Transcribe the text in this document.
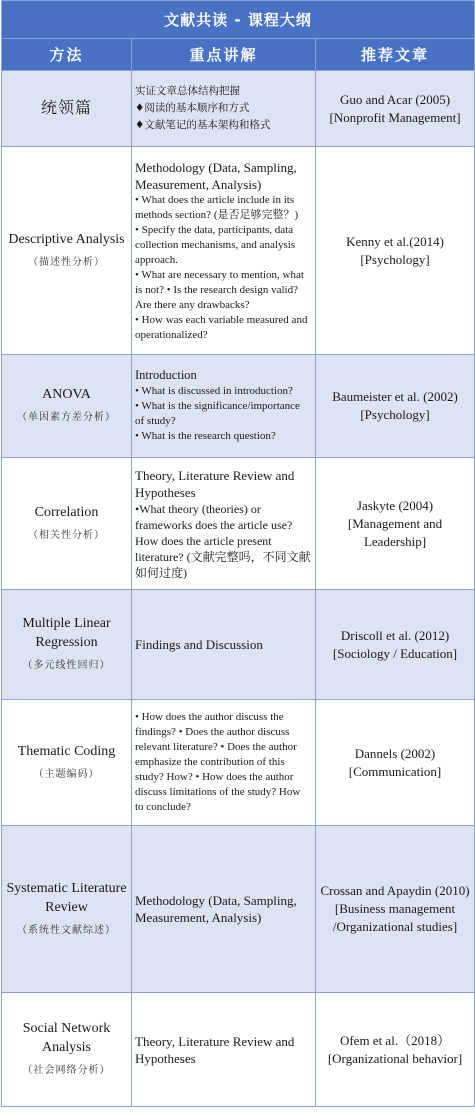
文献共读 - 课程大纲		
方法	重点讲解	推荐文章
统领篇	实证文章总体结构把握
♦阅读的基本顺序和方式
♦文献笔记的基本架构和格式	Guo and Acar (2005)
[Nonprofit Management]

Descriptive Analysis
（描述性分析）	Methodology (Data, Sampling, Measurement, Analysis)
• What does the article include in its methods section? (是否足够完整？)
• Specify the data, participants, data collection mechanisms, and analysis approach.
• What are necessary to mention, what is not? • Is the research design valid? Are there any drawbacks?
• How was each variable measured and operationalized?	Kenny et al.(2014)
[Psychology]

ANOVA
（单因素方差分析）	Introduction
• What is discussed in introduction?
• What is the significance/importance of study?
• What is the research question?	Baumeister et al. (2002)
[Psychology]

Correlation
（相关性分析）	Theory, Literature Review and Hypotheses
•What theory (theories) or frameworks does the article use? How does the article present literature? (文献完整吗，不同文献如何过度)	Jaskyte (2004)
[Management and Leadership]

Multiple Linear Regression
（多元线性回归）	Findings and Discussion	Driscoll et al. (2012)
[Sociology / Education]

Thematic Coding
（主题编码）	• How does the author discuss the findings? • Does the author discuss relevant literature? • Does the author emphasize the contribution of this study? How? • How does the author discuss limitations of the study? How to conclude?	Dannels (2002)
[Communication]

Systematic Literature Review
（系统性文献综述）	Methodology (Data, Sampling, Measurement, Analysis)	Crossan and Apaydin (2010)
[Business management /Organizational studies]

Social Network Analysis
（社会网络分析）	Theory, Literature Review and Hypotheses	Ofem et al.（2018）
[Organizational behavior]
